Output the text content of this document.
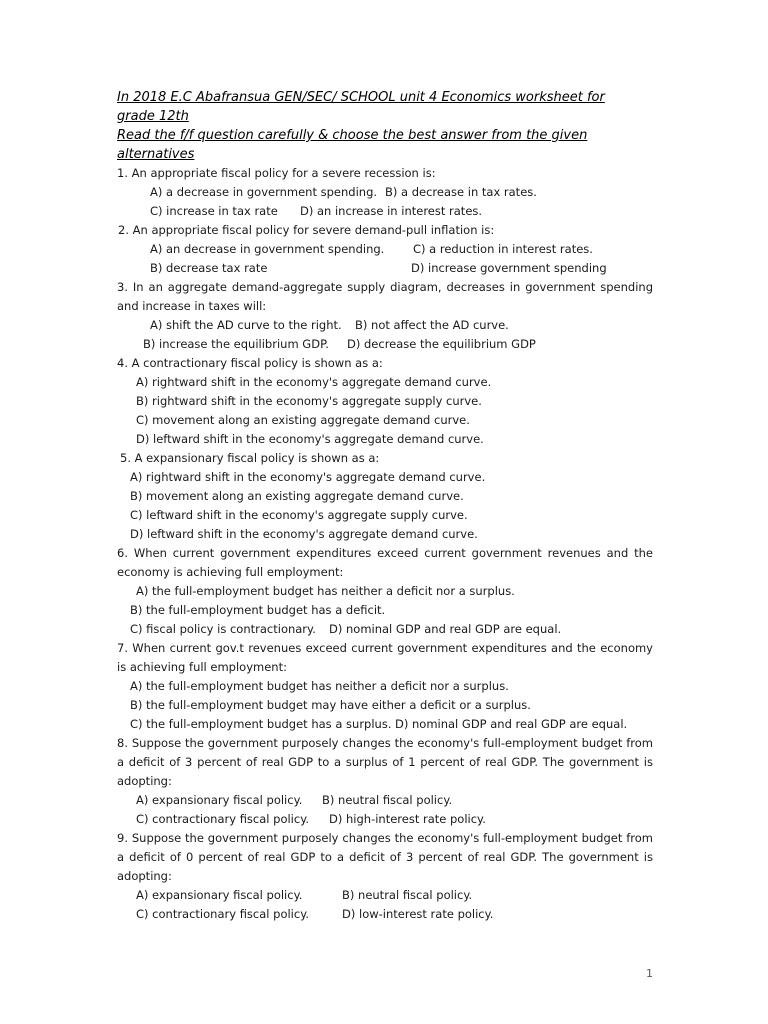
In 2018 E.C Abafransua GEN/SEC/ SCHOOL unit 4 Economics worksheet for
grade 12th
Read the f/f question carefully & choose the best answer from the given
alternatives
1. An appropriate fiscal policy for a severe recession is:
A) a decrease in government spending. B) a decrease in tax rates.
C) increase in tax rate D) an increase in interest rates.
2. An appropriate fiscal policy for severe demand-pull inflation is:
A) an decrease in government spending. C) a reduction in interest rates.
B) decrease tax rate	D) increase government spending
3. In an aggregate demand-aggregate supply diagram, decreases in government spending
and increase in taxes will:
A) shift the AD curve to the right. B) not affect the AD curve.
B) increase the equilibrium GDP. D) decrease the equilibrium GDP
4. A contractionary fiscal policy is shown as a:
A) rightward shift in the economy's aggregate demand curve.
B) rightward shift in the economy's aggregate supply curve.
C) movement along an existing aggregate demand curve.
D) leftward shift in the economy's aggregate demand curve.
5. A expansionary fiscal policy is shown as a:
A) rightward shift in the economy's aggregate demand curve.
B) movement along an existing aggregate demand curve.
C) leftward shift in the economy's aggregate supply curve.
D) leftward shift in the economy's aggregate demand curve.
6. When current government expenditures exceed current government revenues and the
economy is achieving full employment:
A) the full-employment budget has neither a deficit nor a surplus.
B) the full-employment budget has a deficit.
C) fiscal policy is contractionary. D) nominal GDP and real GDP are equal.
7. When current gov.t revenues exceed current government expenditures and the economy
is achieving full employment:
A) the full-employment budget has neither a deficit nor a surplus.
B) the full-employment budget may have either a deficit or a surplus.
C) the full-employment budget has a surplus. D) nominal GDP and real GDP are equal.
8. Suppose the government purposely changes the economy's full-employment budget from
a deficit of 3 percent of real GDP to a surplus of 1 percent of real GDP. The government is
adopting:
A) expansionary fiscal policy. B) neutral fiscal policy.
C) contractionary fiscal policy. D) high-interest rate policy.
9. Suppose the government purposely changes the economy's full-employment budget from
a deficit of 0 percent of real GDP to a deficit of 3 percent of real GDP. The government is
adopting:
A) expansionary fiscal policy.	B) neutral fiscal policy.
C) contractionary fiscal policy.	D) low-interest rate policy.
1
